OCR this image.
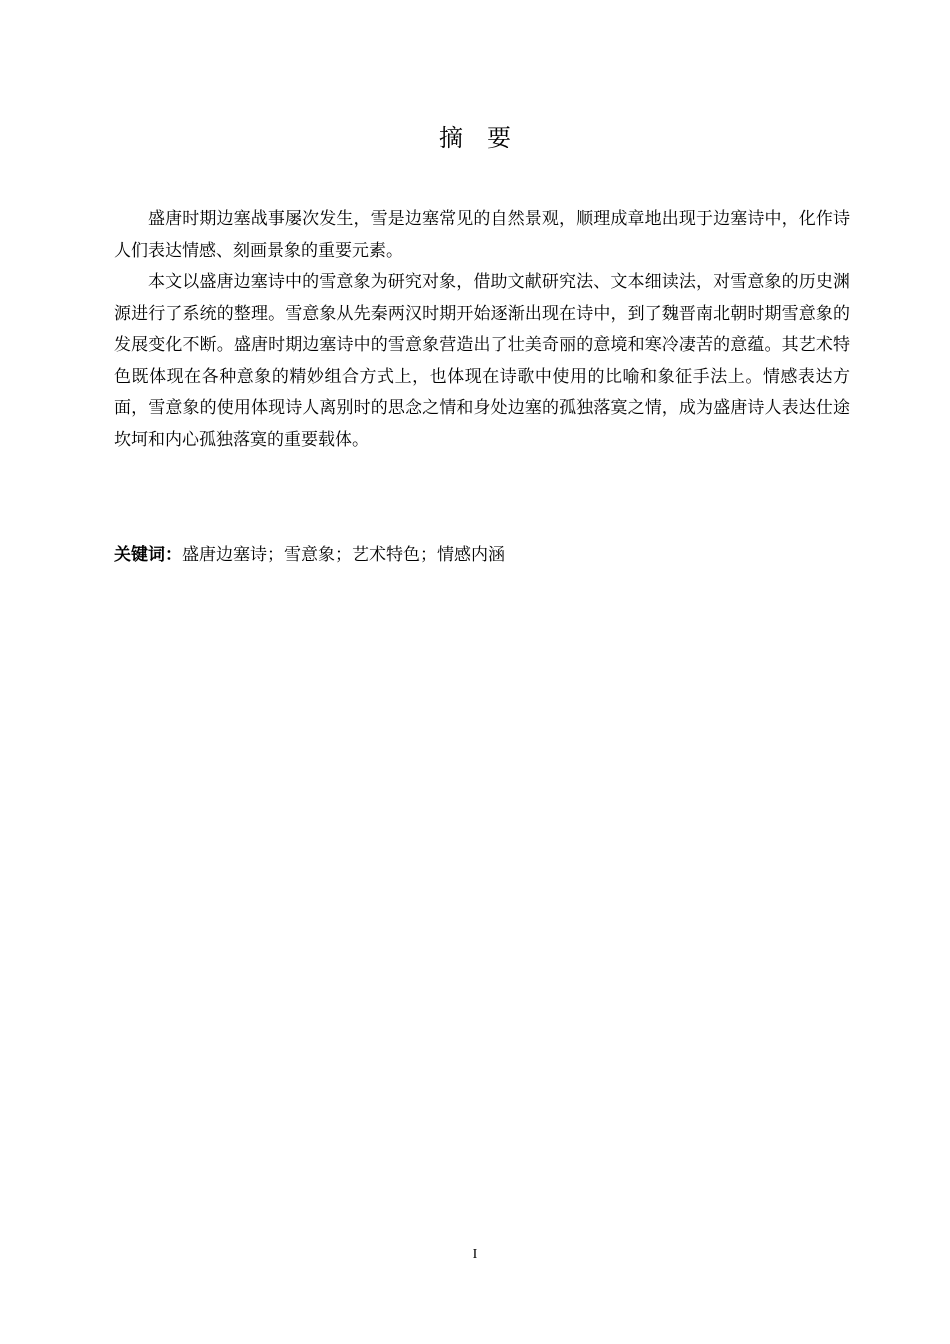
摘要

盛唐时期边塞战事屡次发生，雪是边塞常见的自然景观，顺理成章地出现于边塞诗中，化作诗人们表达情感、刻画景象的重要元素。

本文以盛唐边塞诗中的雪意象为研究对象，借助文献研究法、文本细读法，对雪意象的历史渊源进行了系统的整理。雪意象从先秦两汉时期开始逐渐出现在诗中，到了魏晋南北朝时期雪意象的发展变化不断。盛唐时期边塞诗中的雪意象营造出了壮美奇丽的意境和寒冷凄苦的意蕴。其艺术特色既体现在各种意象的精妙组合方式上，也体现在诗歌中使用的比喻和象征手法上。情感表达方面，雪意象的使用体现诗人离别时的思念之情和身处边塞的孤独落寞之情，成为盛唐诗人表达仕途坎坷和内心孤独落寞的重要载体。

关键词：盛唐边塞诗；雪意象；艺术特色；情感内涵
I
